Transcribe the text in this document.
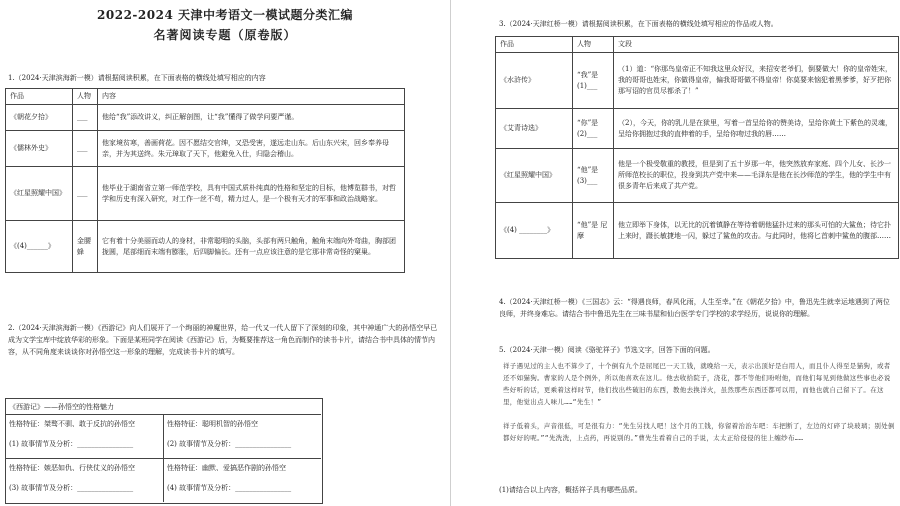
2022-2024 天津中考语文一模试题分类汇编
名著阅读专题（原卷版）
1.（2024·天津滨海新一模）请根据阅读积累，在下面表格的横线处填写相应的内容
作品	人物	内容
《朝花夕拾》	___	他给“我”添改讲义，纠正解剖图，让“我”懂得了做学问要严谨。
《儒林外史》	___	他家境贫寒，善画荷花。因不愿结交官绅，又恐受害，遂远走山东。后山东兴宋，回乡奉养母亲，并为其送终。朱元璋取了天下，他避免入仕，归隐会稽山。
《红星照耀中国》	___	他毕业于湖南省立第一师范学校，具有中国式质朴纯真的性格和坚定的目标，他博览群书，对哲学和历史有深入研究，对工作一丝不苟，精力过人，是一个极有天才的军事和政治战略家。
《(4)______》	金腰蜂	它有着十分美丽而动人的身材，非常聪明的头脑，头部有两只触角，触角末端向外弯曲，胸部团拢圆，尾部细而末端有膨胀，后四脚偏长。还有一点应该注意的是它那非常奇怪的窠巢。
2.（2024·天津滨海新一模）《西游记》向人们展开了一个绚丽的神魔世界，给一代又一代人留下了深刻的印象，其中神通广大的孙悟空早已成为文学宝库中绽放华彩的形象。下面是某班同学在阅读《西游记》后，为概要推荐这一角色而制作的读书卡片，请结合书中具体的情节内容，从不同角度来谈谈你对孙悟空这一形象的理解，完成读书卡片的填写。
《西游记》——孙悟空的性格魅力
性格特征：桀骜不驯、敢于反抗的孙悟空
(1) 故事情节及分析：________________
性格特征：聪明机智的孙悟空
(2) 故事情节及分析：________________
性格特征：嫉恶如仇、行侠仗义的孙悟空
(3) 故事情节及分析：________________
性格特征：幽默、爱搞恶作剧的孙悟空
(4) 故事情节及分析：________________
3.（2024·天津红桥一模）请根据阅读积累，在下面表格的横线处填写相应的作品或人物。
作品	人物	文段
《水浒传》	“我”是 (1)___	（1）道：“你那鸟皇帝正不知我这里众好汉，来招安老爷们，倒要做大！你的皇帝姓宋，我的哥哥也姓宋，你做得皇帝，偏我哥哥做不得皇帝！你莫要来恼犯着黑爹爹，好歹把你那写诏的官员尽都杀了！”
《艾青诗选》	“你”是 (2)___	（2），今天，你的乳儿是在狱里，写着一首呈给你的赞美诗，呈给你黄土下紫色的灵魂，呈给你拥抱过我的直伸着的手，呈给你吻过我的唇……
《红星照耀中国》	“他”是 (3)___	他是一个极受敬重的教授，但是到了五十岁那一年，他突然放弃家庭、四个儿女、长沙一所师范校长的职位，投身到共产党中来——毛泽东是他在长沙师范的学生，他的学生中有很多青年后来成了共产党。
《(4) ________》	“他”是 尼摩	他立即举下身体，以无比的沉着镇静在等待着朝他猛扑过来的那头可怕的大鲨鱼；待它扑上来时，蹑长敏捷地一闪，躲过了鲨鱼的攻击。与此同时，他将匕首刺中鲨鱼的腹部……
4.（2024·天津红桥一模）《三国志》云：“得遇良师，春风化雨，人生至幸。”在《朝花夕拾》中，鲁迅先生就幸运地遇到了两位良师，并终身难忘。请结合书中鲁迅先生在三味书屋和仙台医学专门学校的求学经历，说说你的理解。
5.（2024·天津一模）阅读《骆驼祥子》节选文字，回答下面的问题。
祥子遇见过的主人也不算少了，十个倒有九个是屈尾巴一天工钱，就晚给一天，表示出顶好是白用人，而且仆人得至是猫狗，或者还不如猫狗。曹家的人是个例外，所以他喜欢在这儿。他去收拾院子，浇花，都不等他们吩咐他，而他们每见到他做这些事也必说些好听的话，更乘着这样时节，他们找出些破旧的东西，教他去换洋火，虽然那些东西还都可以用，而他也就自己留下了。在这里，他觉出点人味儿……“先生！”
祥子低着头，声音很低，可是很有力：“先生另找人吧！这个月的工钱，你留着治治车吧：车把断了，左边的灯碎了块玻璃；别处倒都好好的呢。”“先洗洗，上点药，再说别的。”曹先生看着自己的手说，太太正给侵侵的往上缠纱布……
(1)请结合以上内容，概括祥子具有哪些品质。
